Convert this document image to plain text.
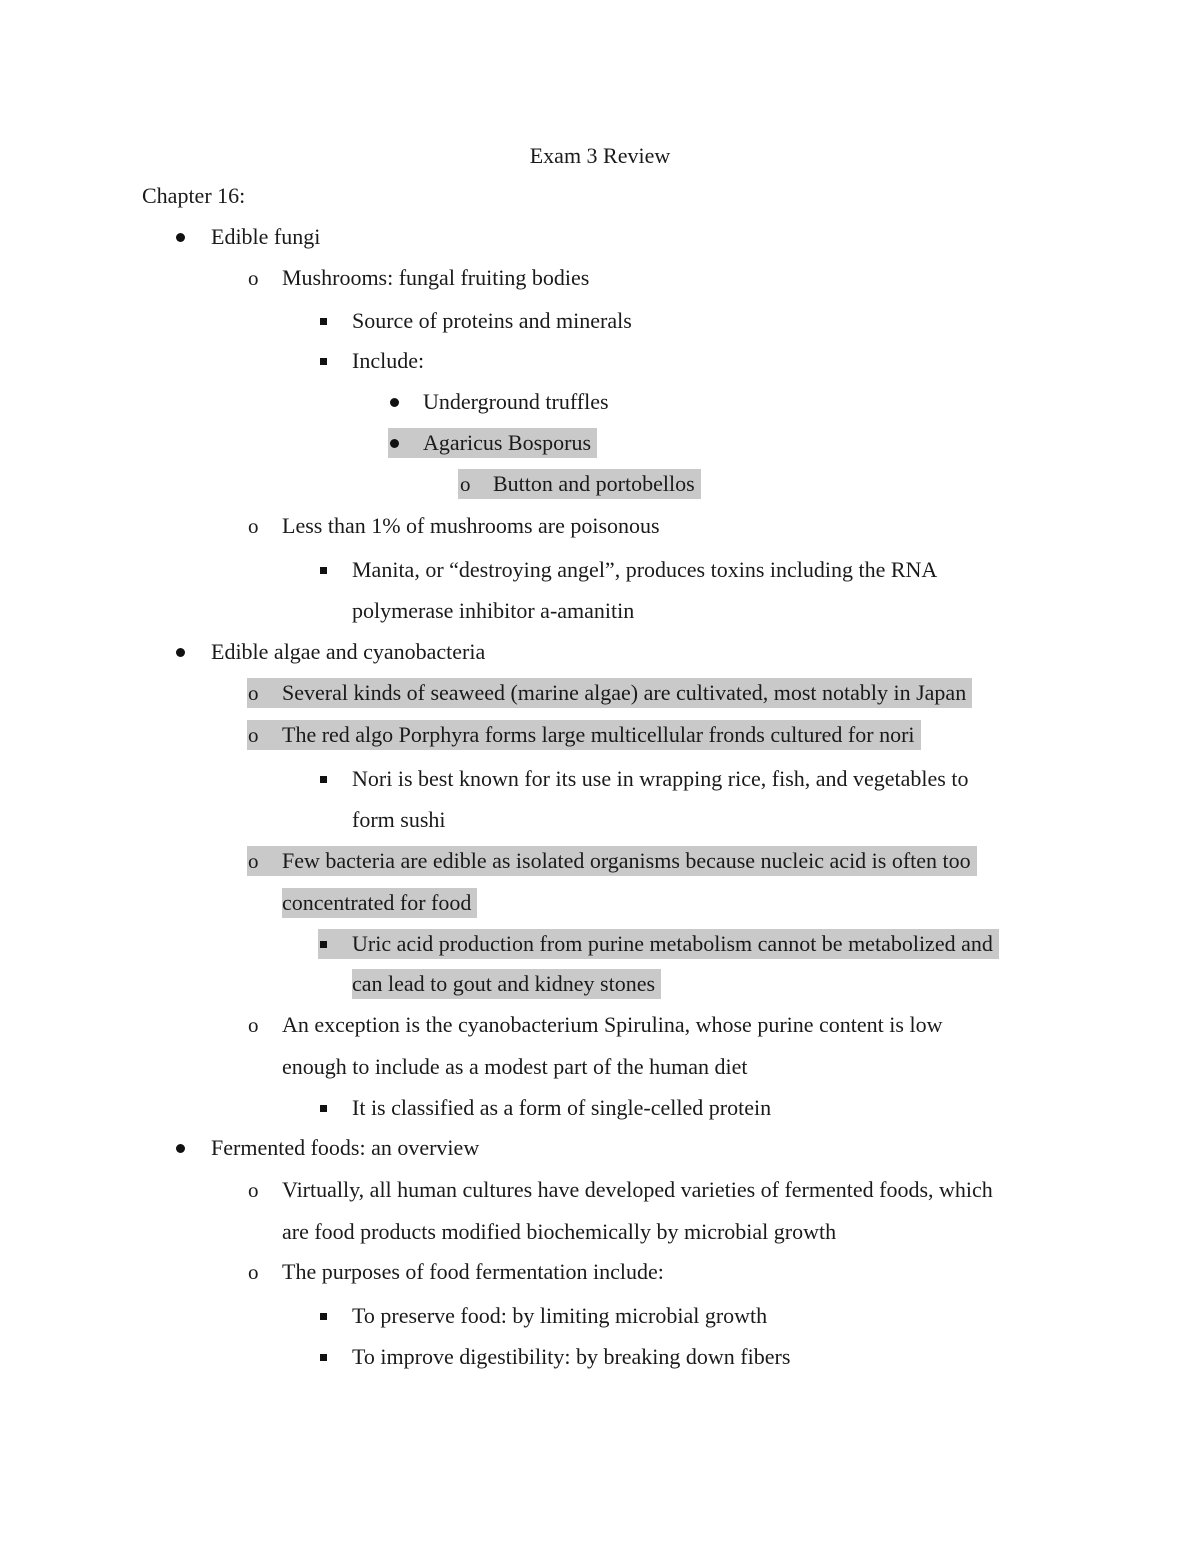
Exam 3 Review
Chapter 16:
Edible fungi
o Mushrooms: fungal fruiting bodies
Source of proteins and minerals
Include:
Underground truffles
Agaricus Bosporus
o Button and portobellos
o Less than 1% of mushrooms are poisonous
Manita, or “destroying angel”, produces toxins including the RNA
polymerase inhibitor a-amanitin
Edible algae and cyanobacteria
o Several kinds of seaweed (marine algae) are cultivated, most notably in Japan
o The red algo Porphyra forms large multicellular fronds cultured for nori
Nori is best known for its use in wrapping rice, fish, and vegetables to
form sushi
o Few bacteria are edible as isolated organisms because nucleic acid is often too
concentrated for food
Uric acid production from purine metabolism cannot be metabolized and
can lead to gout and kidney stones
o An exception is the cyanobacterium Spirulina, whose purine content is low
enough to include as a modest part of the human diet
It is classified as a form of single-celled protein
Fermented foods: an overview
o Virtually, all human cultures have developed varieties of fermented foods, which
are food products modified biochemically by microbial growth
o The purposes of food fermentation include:
To preserve food: by limiting microbial growth
To improve digestibility: by breaking down fibers
